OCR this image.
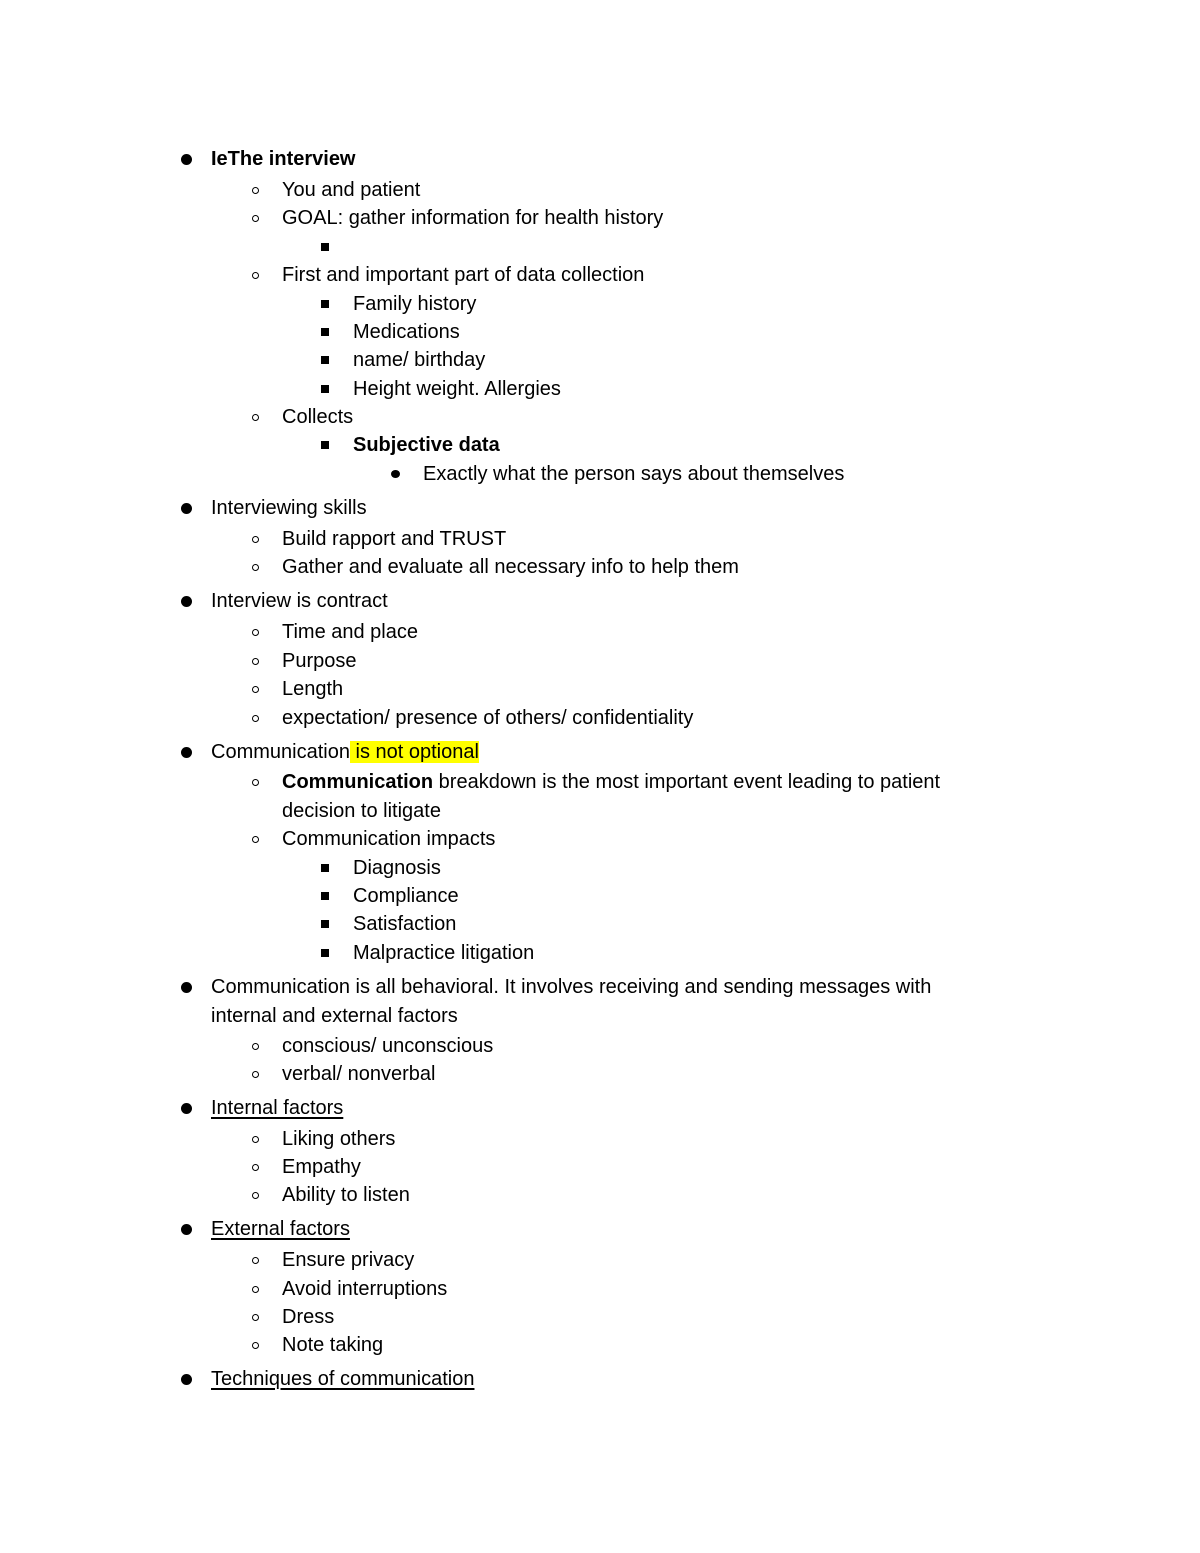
IeThe interview
You and patient
GOAL: gather information for health history
First and important part of data collection
Family history
Medications
name/ birthday
Height weight. Allergies
Collects
Subjective data
Exactly what the person says about themselves
Interviewing skills
Build rapport and TRUST
Gather and evaluate all necessary info to help them
Interview is contract
Time and place
Purpose
Length
expectation/ presence of others/ confidentiality
Communication is not optional
Communication breakdown is the most important event leading to patient
decision to litigate
Communication impacts
Diagnosis
Compliance
Satisfaction
Malpractice litigation
Communication is all behavioral. It involves receiving and sending messages with
internal and external factors
conscious/ unconscious
verbal/ nonverbal
Internal factors
Liking others
Empathy
Ability to listen
External factors
Ensure privacy
Avoid interruptions
Dress
Note taking
Techniques of communication
